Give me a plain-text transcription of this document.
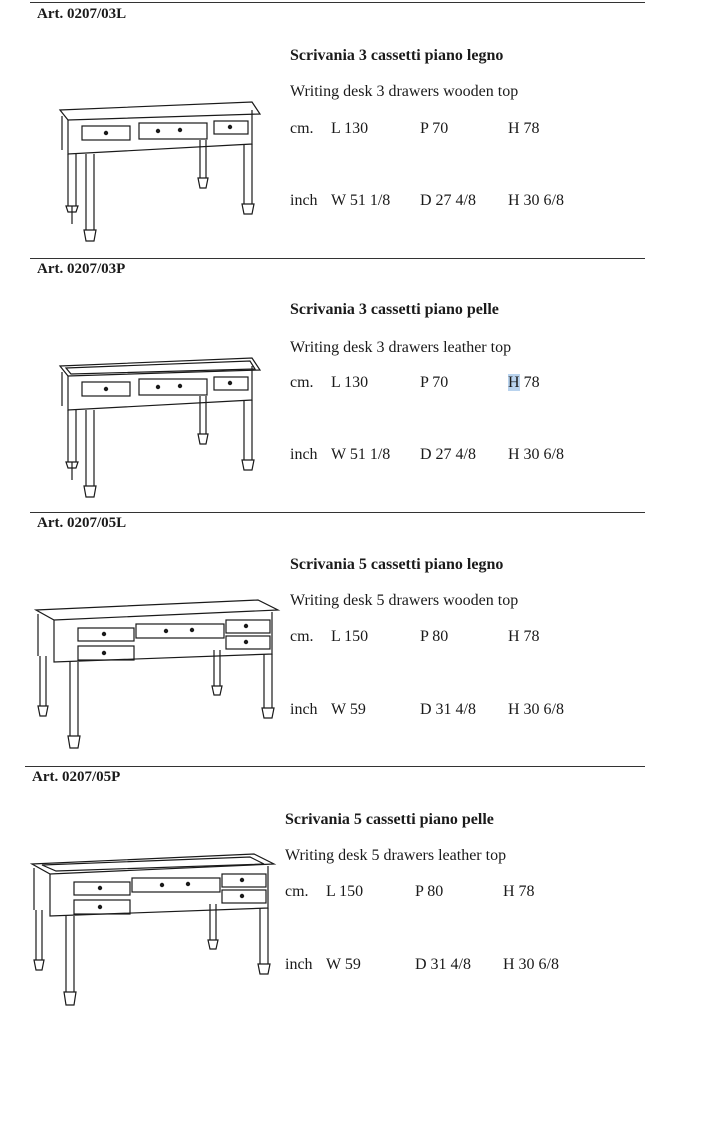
Art. 0207/03L
Scrivania 3 cassetti piano legno
Writing desk 3 drawers wooden top
cm. L 130	P 70	H 78
inch W 51 1/8 D 27 4/8 H 30 6/8
Art. 0207/03P
Scrivania 3 cassetti piano pelle
Writing desk 3 drawers leather top
cm. L 130	P 70	H 78
inch W 51 1/8 D 27 4/8 H 30 6/8
Art. 0207/05L
Scrivania 5 cassetti piano legno
Writing desk 5 drawers wooden top
cm. L 150	P 80	H 78
inch W 59	D 31 4/8 H 30 6/8
Art. 0207/05P
Scrivania 5 cassetti piano pelle
Writing desk 5 drawers leather top
cm. L 150	P 80	H 78
inch W 59	D 31 4/8 H 30 6/8
